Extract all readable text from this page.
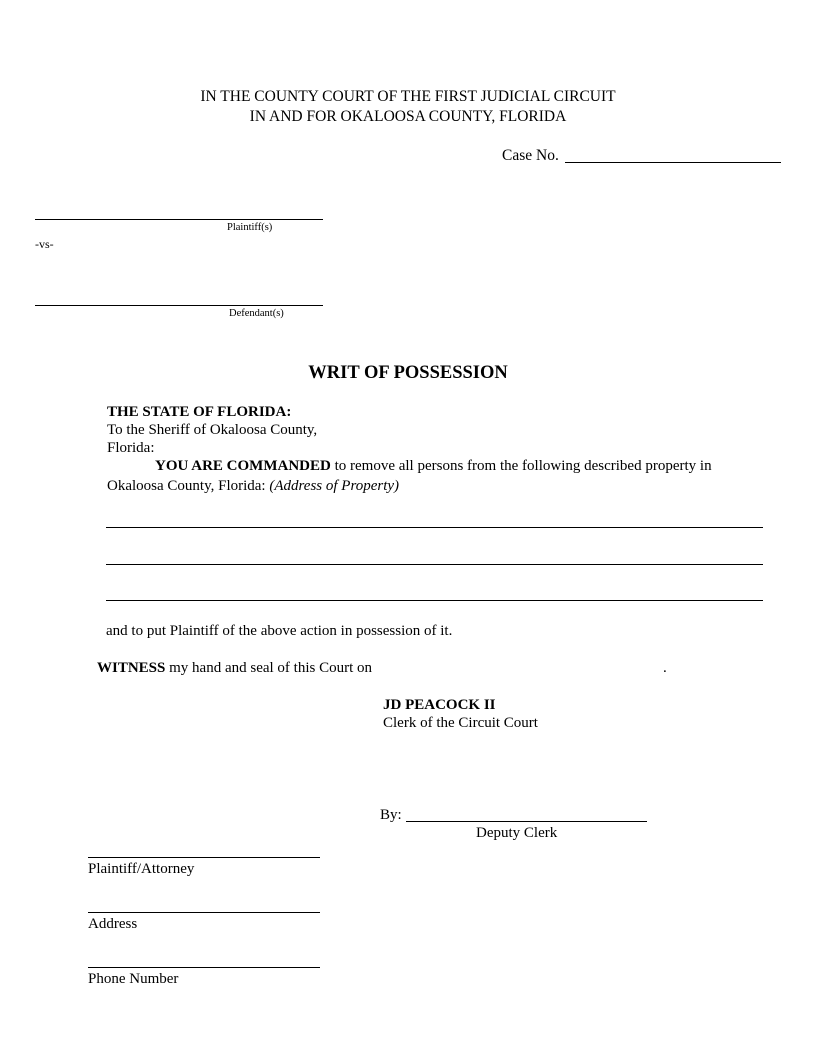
IN THE COUNTY COURT OF THE FIRST JUDICIAL CIRCUIT
IN AND FOR OKALOOSA COUNTY, FLORIDA
Case No.
Plaintiff(s)
-vs-
Defendant(s)
WRIT OF POSSESSION
THE STATE OF FLORIDA:
To the Sheriff of Okaloosa County,
Florida:
YOU ARE COMMANDED to remove all persons from the following described property in
Okaloosa County, Florida: (Address of Property)
and to put Plaintiff of the above action in possession of it.
WITNESS my hand and seal of this Court on	.
JD PEACOCK II
Clerk of the Circuit Court
By:
Deputy Clerk
Plaintiff/Attorney
Address
Phone Number
